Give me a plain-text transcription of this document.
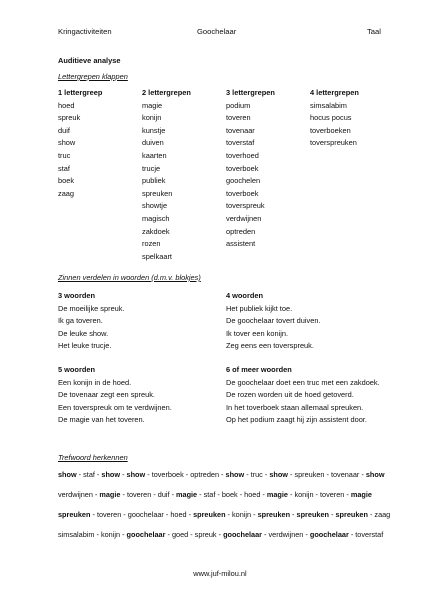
Kringactiviteiten	Goochelaar	Taal
Auditieve analyse
Lettergrepen klappen
1 lettergreep
hoed
spreuk
duif
show
truc
staf
boek
zaag
2 lettergrepen
magie
konijn
kunstje
duiven
kaarten
trucje
publiek
spreuken
showtje
magisch
zakdoek
rozen
spelkaart
3 lettergrepen
podium
toveren
tovenaar
toverstaf
toverhoed
toverboek
goochelen
toverboek
toverspreuk
verdwijnen
optreden
assistent
4 lettergrepen
simsalabim
hocus pocus
toverboeken
toverspreuken
Zinnen verdelen in woorden (d.m.v. blokjes)
3 woorden
De moeilijke spreuk.
Ik ga toveren.
De leuke show.
Het leuke trucje.
4 woorden
Het publiek kijkt toe.
De goochelaar tovert duiven.
Ik tover een konijn.
Zeg eens een toverspreuk.
5 woorden
Een konijn in de hoed.
De tovenaar zegt een spreuk.
Een toverspreuk om te verdwijnen.
De magie van het toveren.
6 of meer woorden
De goochelaar doet een truc met een zakdoek.
De rozen worden uit de hoed getoverd.
In het toverboek staan allemaal spreuken.
Op het podium zaagt hij zijn assistent door.
Trefwoord herkennen
show - staf - show - show - toverboek - optreden - show - truc - show - spreuken - tovenaar - show
verdwijnen - magie - toveren - duif - magie - staf - boek - hoed - magie - konijn - toveren - magie
spreuken - toveren - goochelaar - hoed - spreuken - konijn - spreuken - spreuken - spreuken - zaag
simsalabim - konijn - goochelaar - goed - spreuk - goochelaar - verdwijnen - goochelaar - toverstaf
www.juf-milou.nl
